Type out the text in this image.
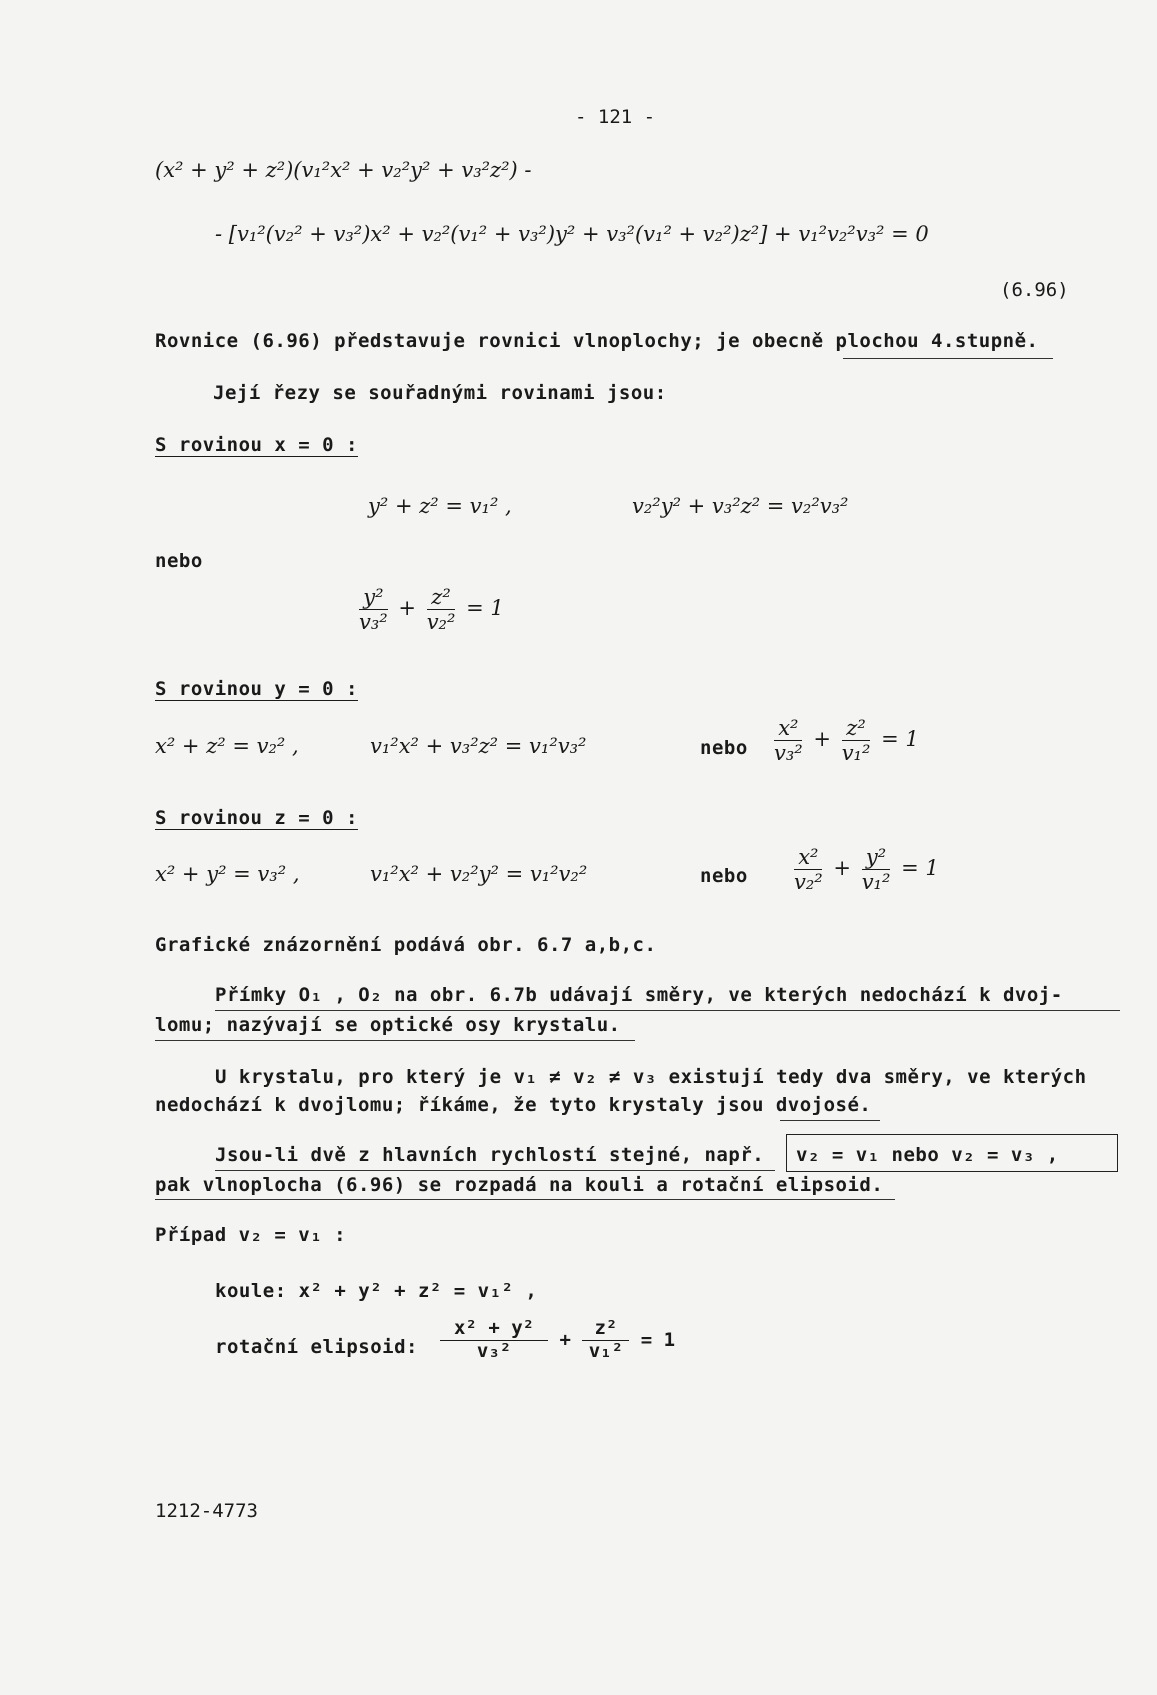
- 121 -
(x² + y² + z²)(v₁²x² + v₂²y² + v₃²z²) -
- [v₁²(v₂² + v₃²)x² + v₂²(v₁² + v₃²)y² + v₃²(v₁² + v₂²)z²] + v₁²v₂²v₃² = 0
(6.96)
Rovnice (6.96) představuje rovnici vlnoplochy; je obecně plochou 4.stupně.
Její řezy se souřadnými rovinami jsou:
S rovinou x = 0 :
y² + z² = v₁² ,	v₂²y² + v₃²z² = v₂²v₃²
nebo
$\frac{\text{y²}}{\text{v₃²}} + \frac{\text{z²}}{\text{v₂²}} = 1$
S rovinou y = 0 :
x² + z² = v₂² ,	v₁²x² + v₃²z² = v₁²v₃²	nebo $\frac{\text{x²}}{\text{v₃²}} + \frac{\text{z²}}{\text{v₁²}} = 1$
S rovinou z = 0 :
x² + y² = v₃² ,	v₁²x² + v₂²y² = v₁²v₂²	nebo $\frac{\text{x²}}{\text{v₂²}} + \frac{\text{y²}}{\text{v₁²}} = 1$
Grafické znázornění podává obr. 6.7 a,b,c.
Přímky O₁ , O₂ na obr. 6.7b udávají směry, ve kterých nedochází k dvoj-
lomu; nazývají se optické osy krystalu.
U krystalu, pro který je v₁ ≠ v₂ ≠ v₃ existují tedy dva směry, ve kterých
nedochází k dvojlomu; říkáme, že tyto krystaly jsou dvojosé.
Jsou-li dvě z hlavních rychlostí stejné, např. v₂ = v₁ nebo v₂ = v₃ ,
pak vlnoplocha (6.96) se rozpadá na kouli a rotační elipsoid.
Případ v₂ = v₁ :
koule: x² + y² + z² = v₁² ,
rotační elipsoid: $\frac{\text{x² + y²}}{\text{v₃²}} + \frac{\text{z²}}{\text{v₁²}} = 1$
1212-4773
